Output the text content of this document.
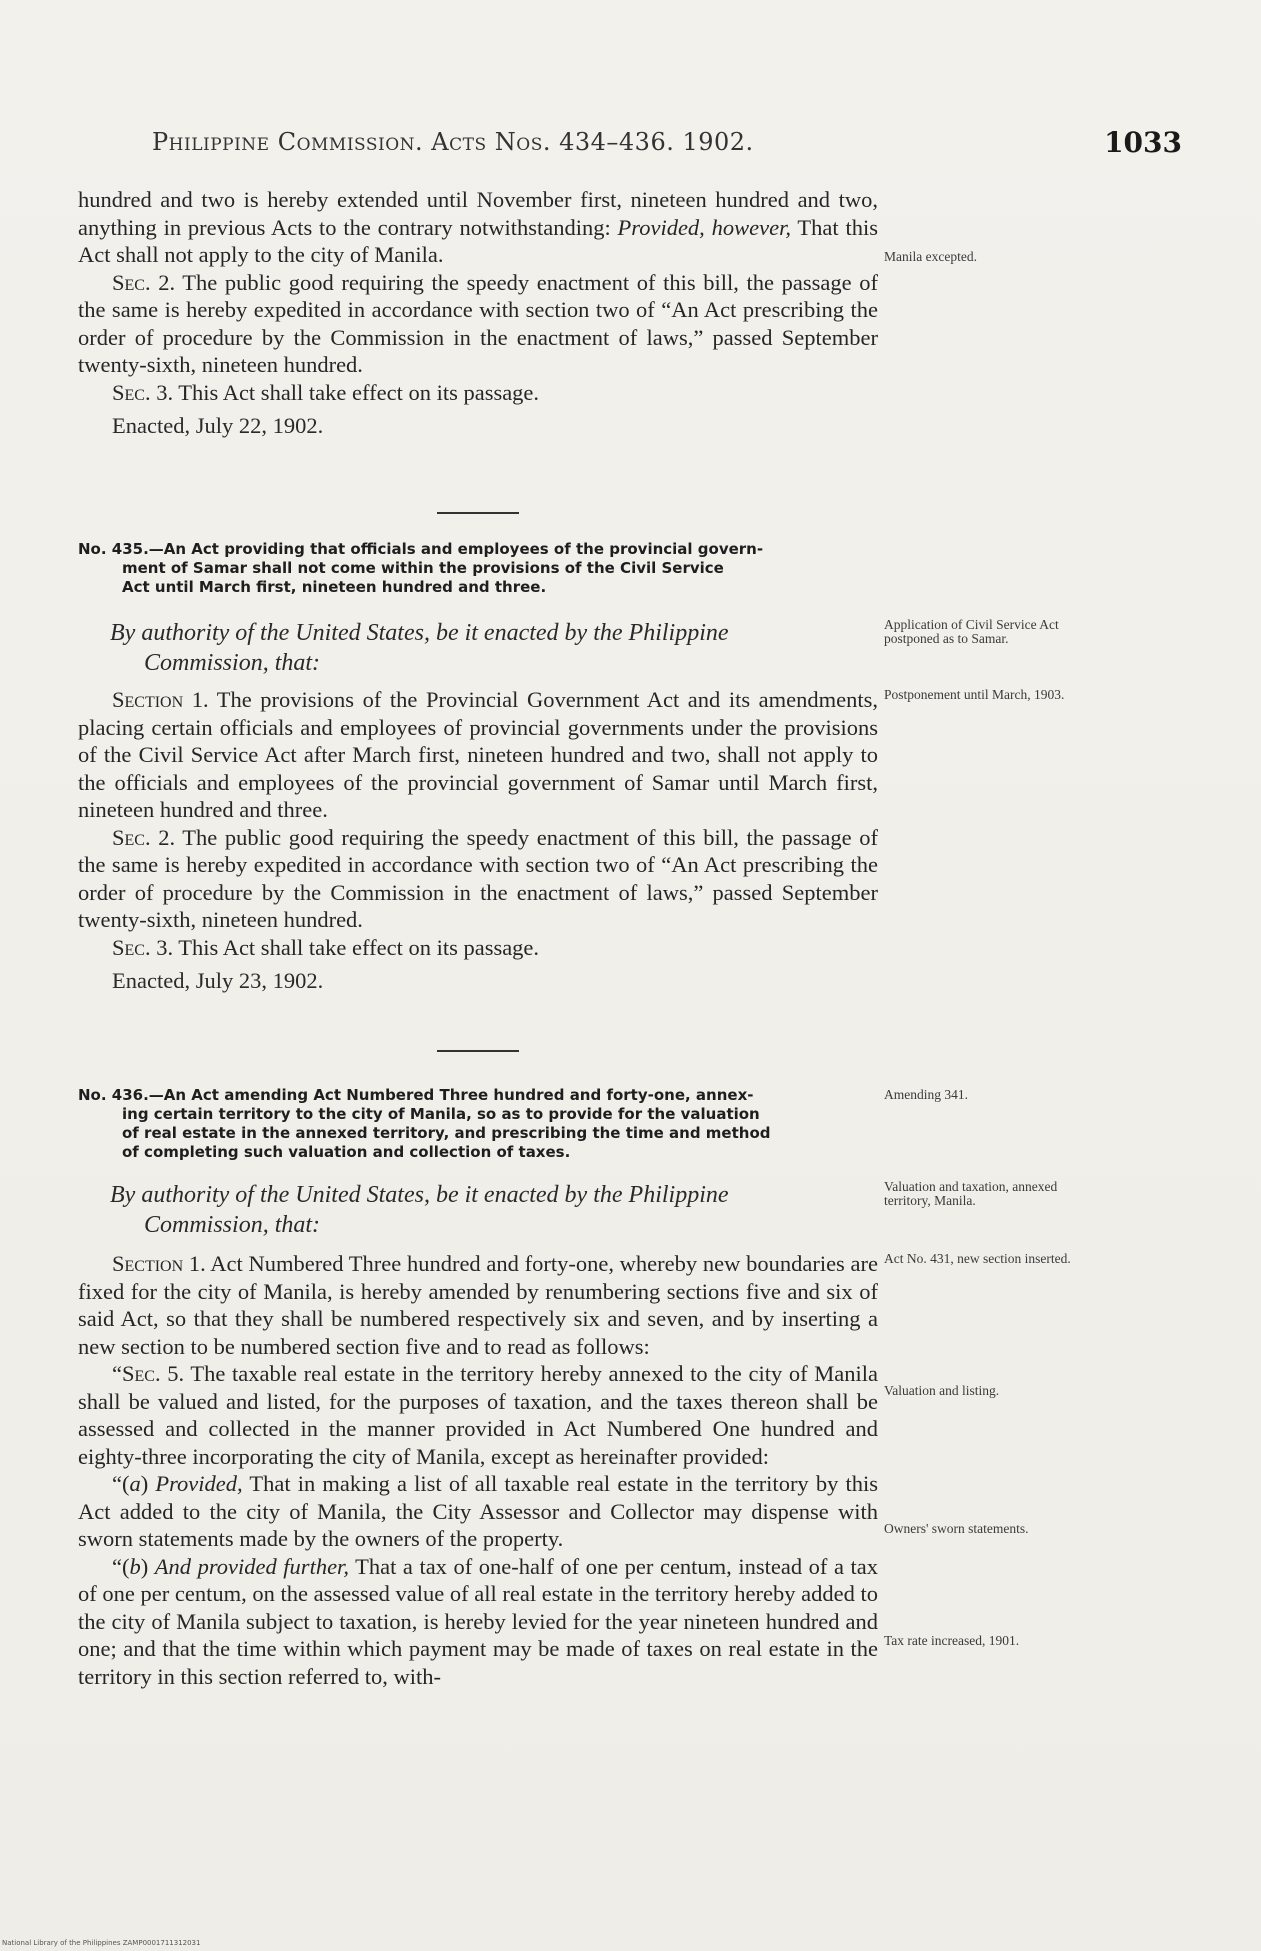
Philippine Commission. Acts Nos. 434–436. 1902.	1033

hundred and two is hereby extended until November first, nineteen hundred and two, anything in previous Acts to the contrary notwithstanding: Provided, however, That this Act shall not apply to the city of Manila.

Sec. 2. The public good requiring the speedy enactment of this bill, the passage of the same is hereby expedited in accordance with section two of “An Act prescribing the order of procedure by the Commission in the enactment of laws,” passed September twenty-sixth, nineteen hundred.

Sec. 3. This Act shall take effect on its passage.

Enacted, July 22, 1902.
No. 435.—An Act providing that officials and employees of the provincial govern-
ment of Samar shall not come within the provisions of the Civil Service
Act until March first, nineteen hundred and three.
By authority of the United States, be it enacted by the Philippine
Commission, that:

Section 1. The provisions of the Provincial Government Act and its amendments, placing certain officials and employees of provincial governments under the provisions of the Civil Service Act after March first, nineteen hundred and two, shall not apply to the officials and employees of the provincial government of Samar until March first, nineteen hundred and three.

Sec. 2. The public good requiring the speedy enactment of this bill, the passage of the same is hereby expedited in accordance with section two of “An Act prescribing the order of procedure by the Commission in the enactment of laws,” passed September twenty-sixth, nineteen hundred.

Sec. 3. This Act shall take effect on its passage.

Enacted, July 23, 1902.
No. 436.—An Act amending Act Numbered Three hundred and forty-one, annex-
ing certain territory to the city of Manila, so as to provide for the valuation
of real estate in the annexed territory, and prescribing the time and method
of completing such valuation and collection of taxes.
By authority of the United States, be it enacted by the Philippine
Commission, that:

Section 1. Act Numbered Three hundred and forty-one, whereby new boundaries are fixed for the city of Manila, is hereby amended by renumbering sections five and six of said Act, so that they shall be numbered respectively six and seven, and by inserting a new section to be numbered section five and to read as follows:

“Sec. 5. The taxable real estate in the territory hereby annexed to the city of Manila shall be valued and listed, for the purposes of taxation, and the taxes thereon shall be assessed and collected in the manner provided in Act Numbered One hundred and eighty-three incorporating the city of Manila, except as hereinafter provided:

“(a) Provided, That in making a list of all taxable real estate in the territory by this Act added to the city of Manila, the City Assessor and Collector may dispense with sworn statements made by the owners of the property.

“(b) And provided further, That a tax of one-half of one per centum, instead of a tax of one per centum, on the assessed value of all real estate in the territory hereby added to the city of Manila subject to taxation, is hereby levied for the year nineteen hundred and one; and that the time within which payment may be made of taxes on real estate in the territory in this section referred to, with-

Manila excepted.
Application of Civil Service Act postponed as to Samar.
Postponement until March, 1903.
Amending 341.
Valuation and taxation, annexed territory, Manila.
Act No. 431, new section inserted.
Valuation and listing.
Owners' sworn statements.
Tax rate increased, 1901.
National Library of the Philippines ZAMP0001711312031
